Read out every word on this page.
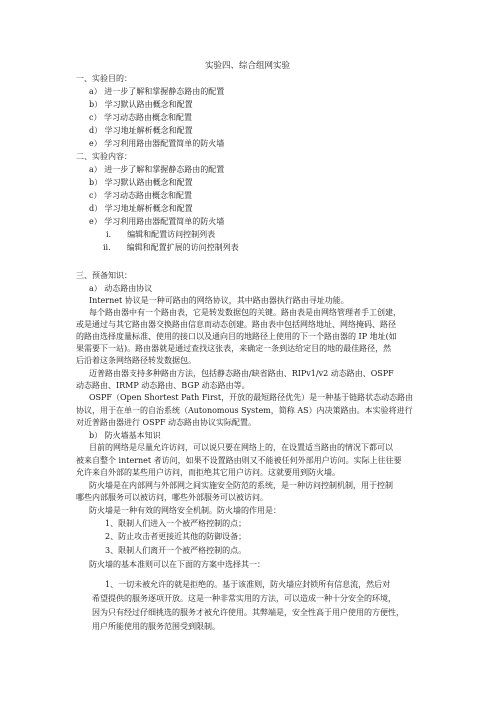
实验四、综合组网实验
一、实验目的：
a） 进一步了解和掌握静态路由的配置
b） 学习默认路由概念和配置
c） 学习动态路由概念和配置
d） 学习地址解析概念和配置
e） 学习利用路由器配置简单的防火墙
二、实验内容：
a） 进一步了解和掌握静态路由的配置
b） 学习默认路由概念和配置
c） 学习动态路由概念和配置
d） 学习地址解析概念和配置
e） 学习利用路由器配置简单的防火墙
i.　　编辑和配置访问控制列表
ii.　　编辑和配置扩展的访问控制列表
三、预备知识：
a） 动态路由协议
Internet 协议是一种可路由的网络协议，其中路由器执行路由寻址功能。
每个路由器中有一个路由表，它是转发数据包的关键。路由表是由网络管理者手工创建，
或是通过与其它路由器交换路由信息而动态创建。路由表中包括网络地址、网络掩码、路径
的路由选择度量标准、使用的接口以及通向目的地路径上使用的下一个路由器的 IP 地址(如
果需要下一站)。路由器就是通过查找这张表，来确定一条到达给定目的地的最佳路径，然
后沿着这条网络路径转发数据包。
迈普路由器支持多种路由方法，包括静态路由/缺省路由、RIPv1/v2 动态路由、OSPF
动态路由、IRMP 动态路由、BGP 动态路由等。
OSPF（Open Shortest Path First，开放的最短路径优先）是一种基于链路状态动态路由
协议，用于在单一的自治系统（Autonomous System，简称 AS）内决策路由。本实验将进行
对近普路由器进行 OSPF 动态路由协议实际配置。
b） 防火墙基本知识
目前的网络是尽量允许访问，可以说只要在网络上的，在设置适当路由的情况下都可以
被来自整个 internet 者访问，如果不设置路由则又不能被任何外部用户访问。实际上往往要
允许来自外部的某些用户访问，而拒绝其它用户访问。这就要用到防火墙。
防火墙是在内部网与外部网之间实施安全防范的系统，是一种访问控制机制，用于控制
哪些内部服务可以被访问，哪些外部服务可以被访问。
防火墙是一种有效的网络安全机制。防火墙的作用是：
1、限制人们进入一个被严格控制的点；
2、防止攻击者更接近其他的防御设备；
3、限制人们离开一个被严格控制的点。
防火墙的基本准则可以在下面的方案中选择其一：
1、一切未被允许的就是拒绝的。基于该准则，防火墙应封锁所有信息流，然后对
希望提供的服务逐项开放。这是一种非常实用的方法，可以造成一种十分安全的环境，
因为只有经过仔细挑选的服务才被允许使用。其弊端是，安全性高于用户使用的方便性，
用户所能使用的服务范围受到限制。
